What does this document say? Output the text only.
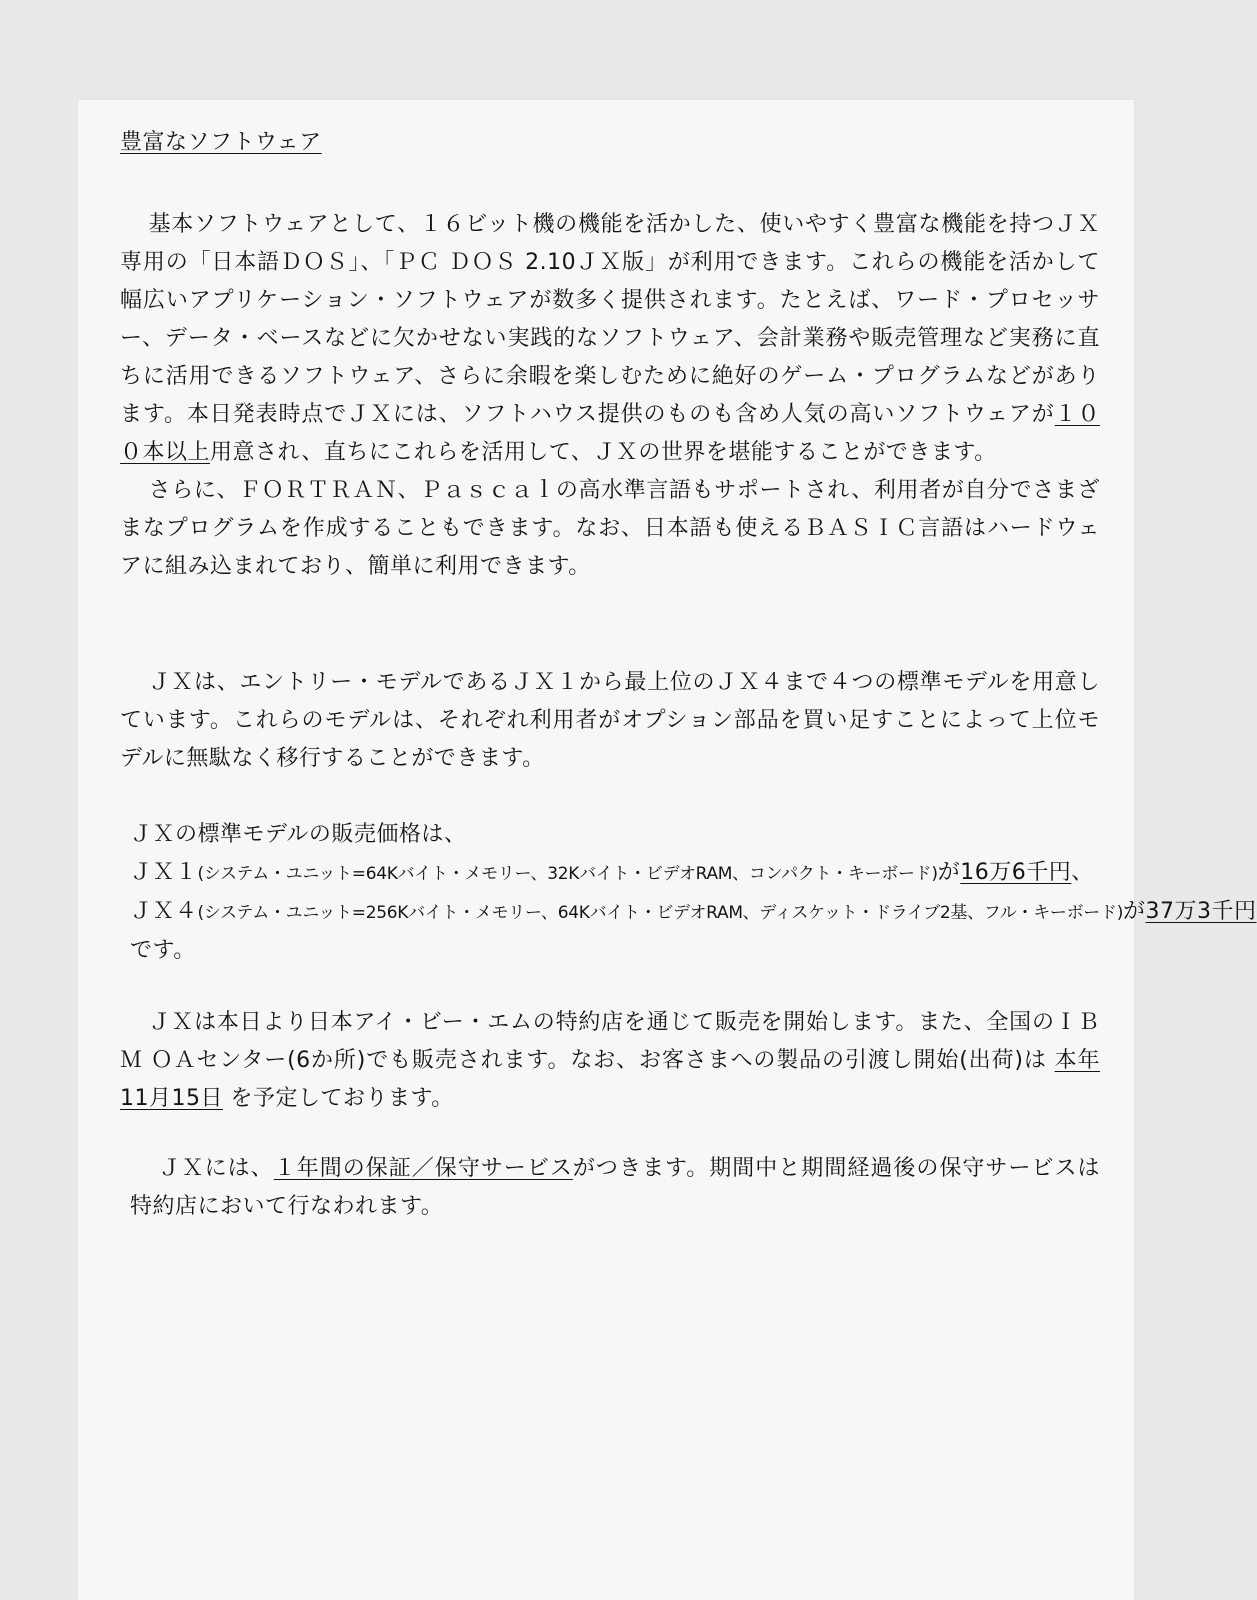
豊富なソフトウェア

基本ソフトウェアとして、１６ビット機の機能を活かした、使いやすく豊富な機能を持つＪＸ専用の「日本語ＤＯＳ」、「ＰＣ ＤＯＳ 2.10ＪＸ版」が利用できます。これらの機能を活かして幅広いアプリケーション・ソフトウェアが数多く提供されます。たとえば、ワード・プロセッサー、データ・ベースなどに欠かせない実践的なソフトウェア、会計業務や販売管理など実務に直ちに活用できるソフトウェア、さらに余暇を楽しむために絶好のゲーム・プログラムなどがあります。本日発表時点でＪＸには、ソフトハウス提供のものも含め人気の高いソフトウェアが１００本以上用意され、直ちにこれらを活用して、ＪＸの世界を堪能することができます。

さらに、ＦＯＲＴＲＡＮ、Ｐａｓｃａｌの高水準言語もサポートされ、利用者が自分でさまざまなプログラムを作成することもできます。なお、日本語も使えるＢＡＳＩＣ言語はハードウェアに組み込まれており、簡単に利用できます。

ＪＸは、エントリー・モデルであるＪＸ１から最上位のＪＸ４まで４つの標準モデルを用意しています。これらのモデルは、それぞれ利用者がオプション部品を買い足すことによって上位モデルに無駄なく移行することができます。

ＪＸの標準モデルの販売価格は、
ＪＸ１(システム・ユニット=64Kバイト・メモリー、32Kバイト・ビデオRAM、コンパクト・キーボード)が16万6千円、
ＪＸ４(システム・ユニット=256Kバイト・メモリー、64Kバイト・ビデオRAM、ディスケット・ドライブ2基、フル・キーボード)が37万3千円
です。

ＪＸは本日より日本アイ・ビー・エムの特約店を通じて販売を開始します。また、全国のＩＢＭ ＯＡセンター(6か所)でも販売されます。なお、お客さまへの製品の引渡し開始(出荷)は 本年11月15日 を予定しております。

ＪＸには、１年間の保証／保守サービスがつきます。期間中と期間経過後の保守サービスは特約店において行なわれます。
